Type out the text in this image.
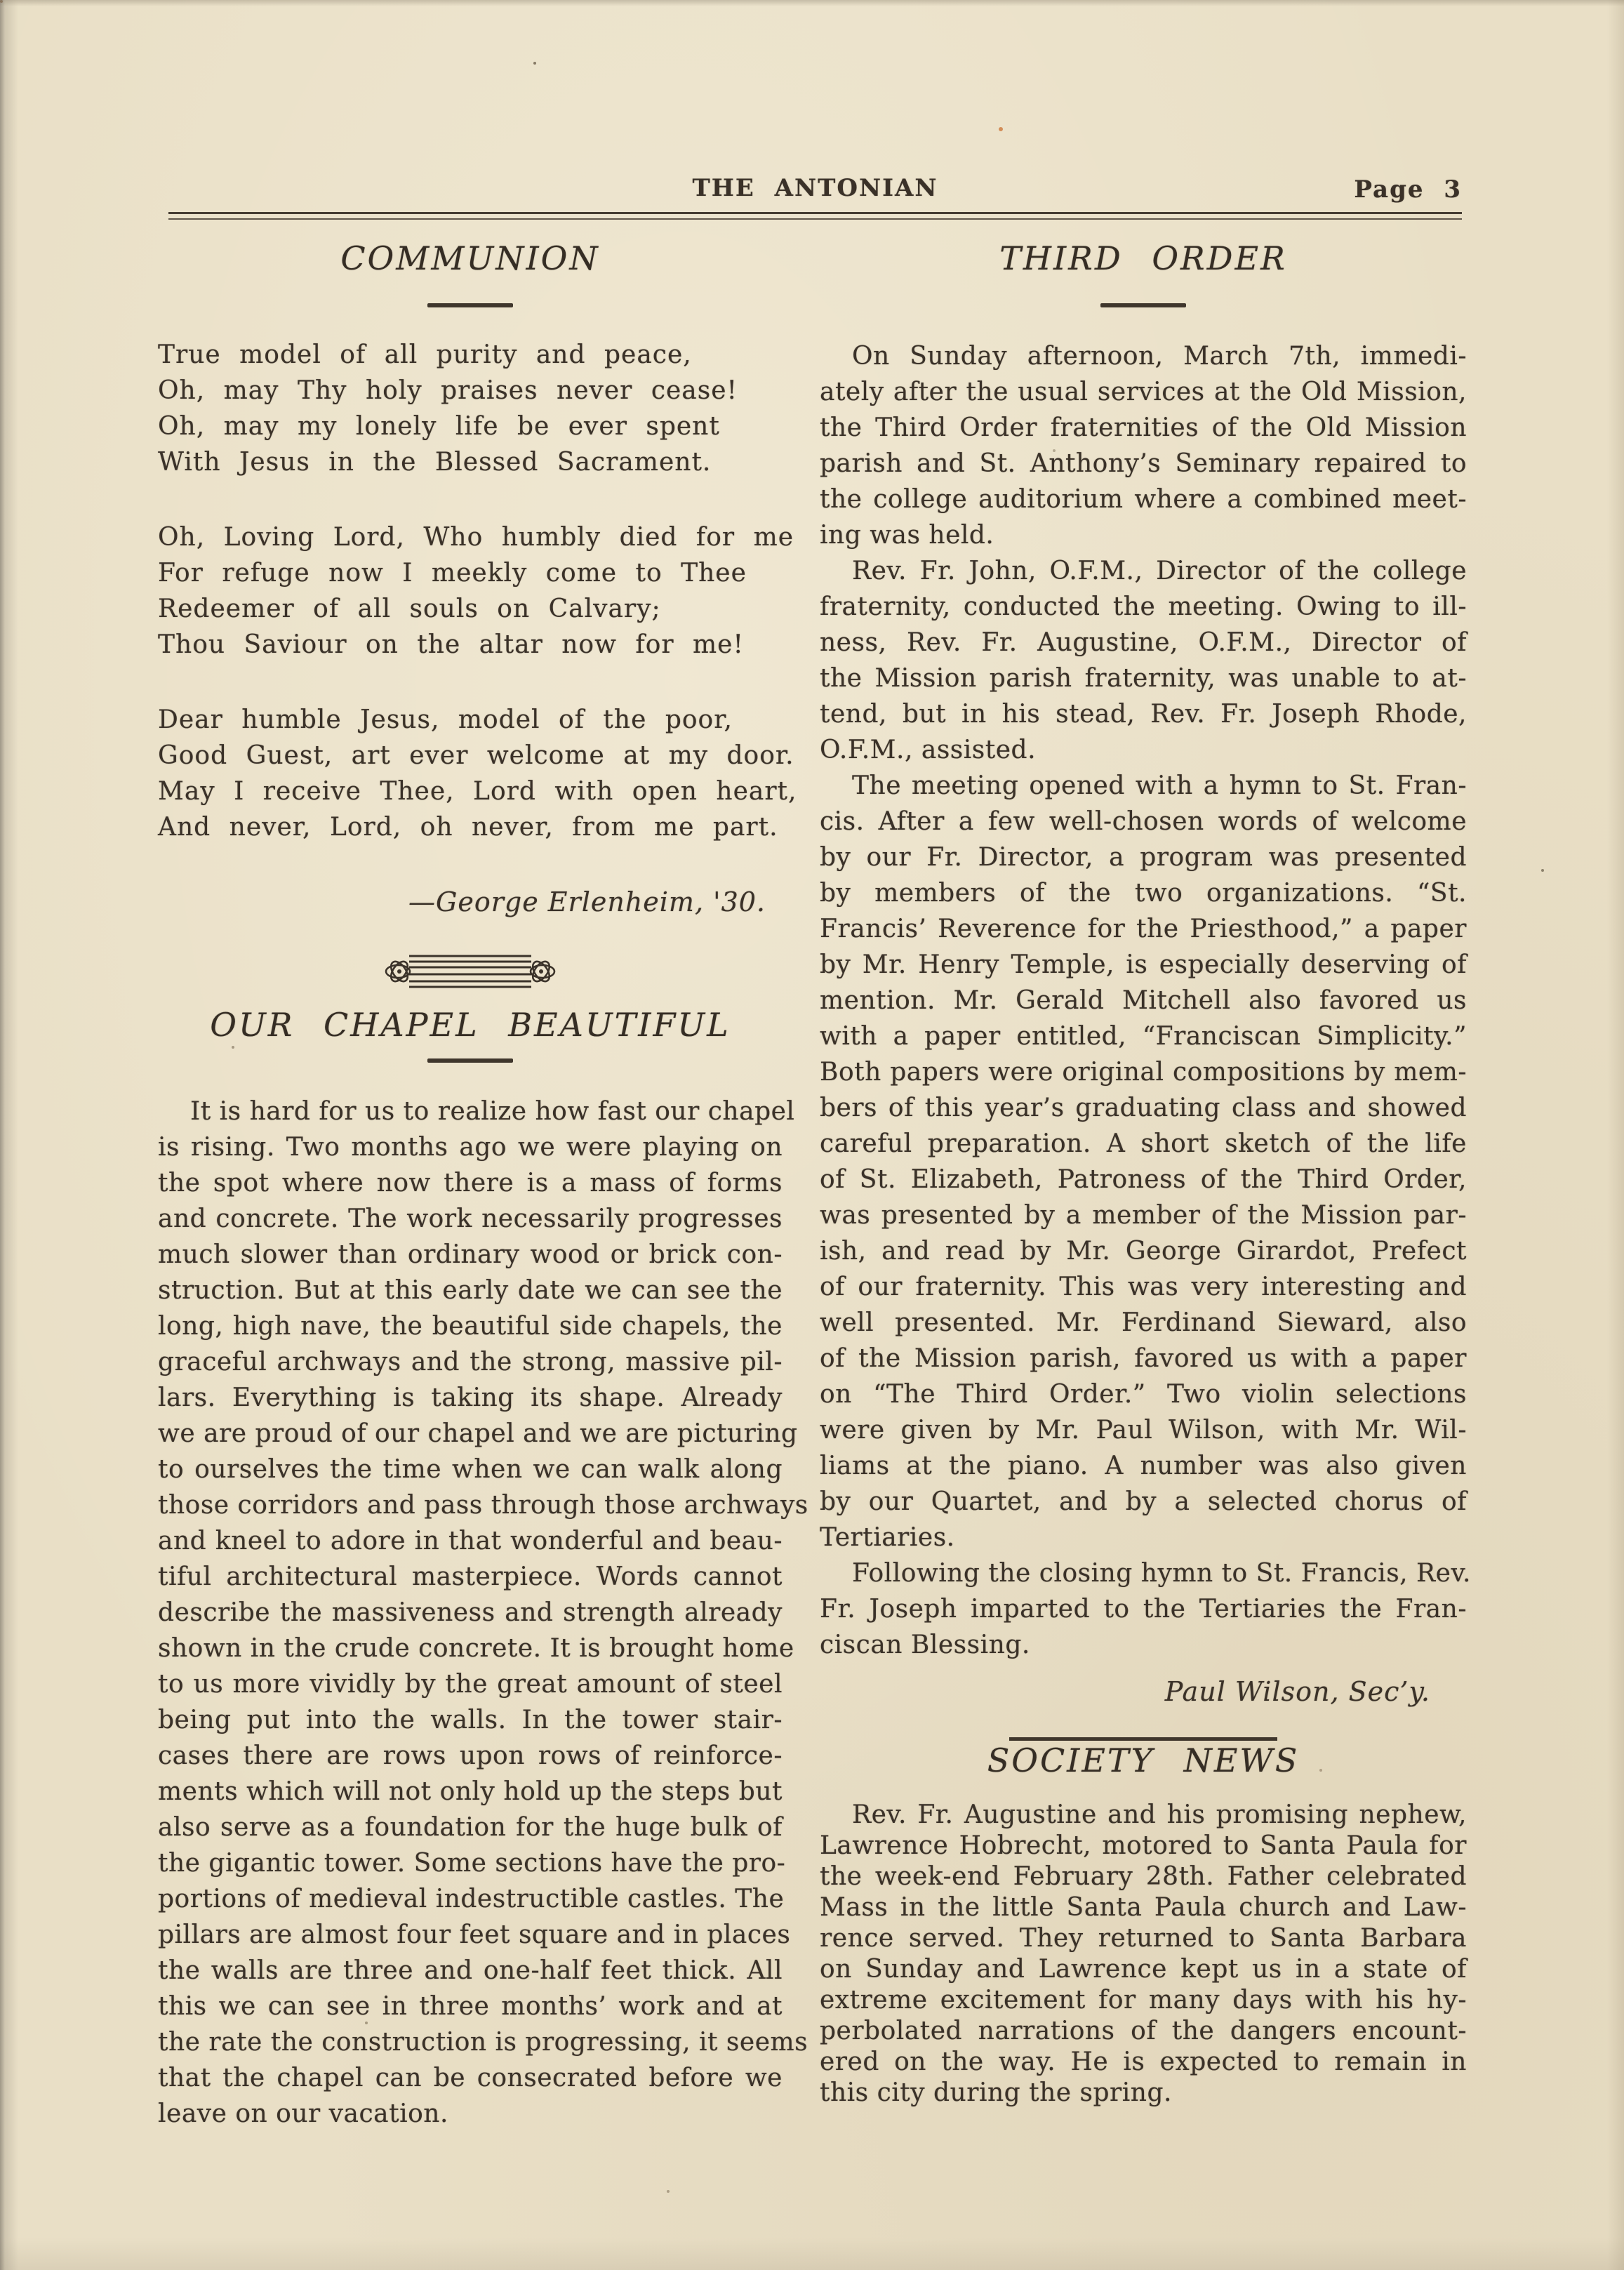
THE ANTONIAN	Page 3
COMMUNION
True model of all purity and peace,
Oh, may Thy holy praises never cease!
Oh, may my lonely life be ever spent
With Jesus in the Blessed Sacrament.
Oh, Loving Lord, Who humbly died for me
For refuge now I meekly come to Thee
Redeemer of all souls on Calvary;
Thou Saviour on the altar now for me!
Dear humble Jesus, model of the poor,
Good Guest, art ever welcome at my door.
May I receive Thee, Lord with open heart,
And never, Lord, oh never, from me part.
—George Erlenheim, '30.
OUR CHAPEL BEAUTIFUL
It is hard for us to realize how fast our chapel
is rising. Two months ago we were playing on
the spot where now there is a mass of forms
and concrete. The work necessarily progresses
much slower than ordinary wood or brick con-
struction. But at this early date we can see the
long, high nave, the beautiful side chapels, the
graceful archways and the strong, massive pil-
lars. Everything is taking its shape. Already
we are proud of our chapel and we are picturing
to ourselves the time when we can walk along
those corridors and pass through those archways
and kneel to adore in that wonderful and beau-
tiful architectural masterpiece. Words cannot
describe the massiveness and strength already
shown in the crude concrete. It is brought home
to us more vividly by the great amount of steel
being put into the walls. In the tower stair-
cases there are rows upon rows of reinforce-
ments which will not only hold up the steps but
also serve as a foundation for the huge bulk of
the gigantic tower. Some sections have the pro-
portions of medieval indestructible castles. The
pillars are almost four feet square and in places
the walls are three and one-half feet thick. All
this we can see in three months’ work and at
the rate the construction is progressing, it seems
that the chapel can be consecrated before we
leave on our vacation.
THIRD ORDER
On Sunday afternoon, March 7th, immedi-
ately after the usual services at the Old Mission,
the Third Order fraternities of the Old Mission
parish and St. Anthony’s Seminary repaired to
the college auditorium where a combined meet-
ing was held.
Rev. Fr. John, O.F.M., Director of the college
fraternity, conducted the meeting. Owing to ill-
ness, Rev. Fr. Augustine, O.F.M., Director of
the Mission parish fraternity, was unable to at-
tend, but in his stead, Rev. Fr. Joseph Rhode,
O.F.M., assisted.
The meeting opened with a hymn to St. Fran-
cis. After a few well-chosen words of welcome
by our Fr. Director, a program was presented
by members of the two organizations. “St.
Francis’ Reverence for the Priesthood,” a paper
by Mr. Henry Temple, is especially deserving of
mention. Mr. Gerald Mitchell also favored us
with a paper entitled, “Franciscan Simplicity.”
Both papers were original compositions by mem-
bers of this year’s graduating class and showed
careful preparation. A short sketch of the life
of St. Elizabeth, Patroness of the Third Order,
was presented by a member of the Mission par-
ish, and read by Mr. George Girardot, Prefect
of our fraternity. This was very interesting and
well presented. Mr. Ferdinand Sieward, also
of the Mission parish, favored us with a paper
on “The Third Order.” Two violin selections
were given by Mr. Paul Wilson, with Mr. Wil-
liams at the piano. A number was also given
by our Quartet, and by a selected chorus of
Tertiaries.
Following the closing hymn to St. Francis, Rev.
Fr. Joseph imparted to the Tertiaries the Fran-
ciscan Blessing.
Paul Wilson, Sec’y.
SOCIETY NEWS
Rev. Fr. Augustine and his promising nephew,
Lawrence Hobrecht, motored to Santa Paula for
the week-end February 28th. Father celebrated
Mass in the little Santa Paula church and Law-
rence served. They returned to Santa Barbara
on Sunday and Lawrence kept us in a state of
extreme excitement for many days with his hy-
perbolated narrations of the dangers encount-
ered on the way. He is expected to remain in
this city during the spring.
